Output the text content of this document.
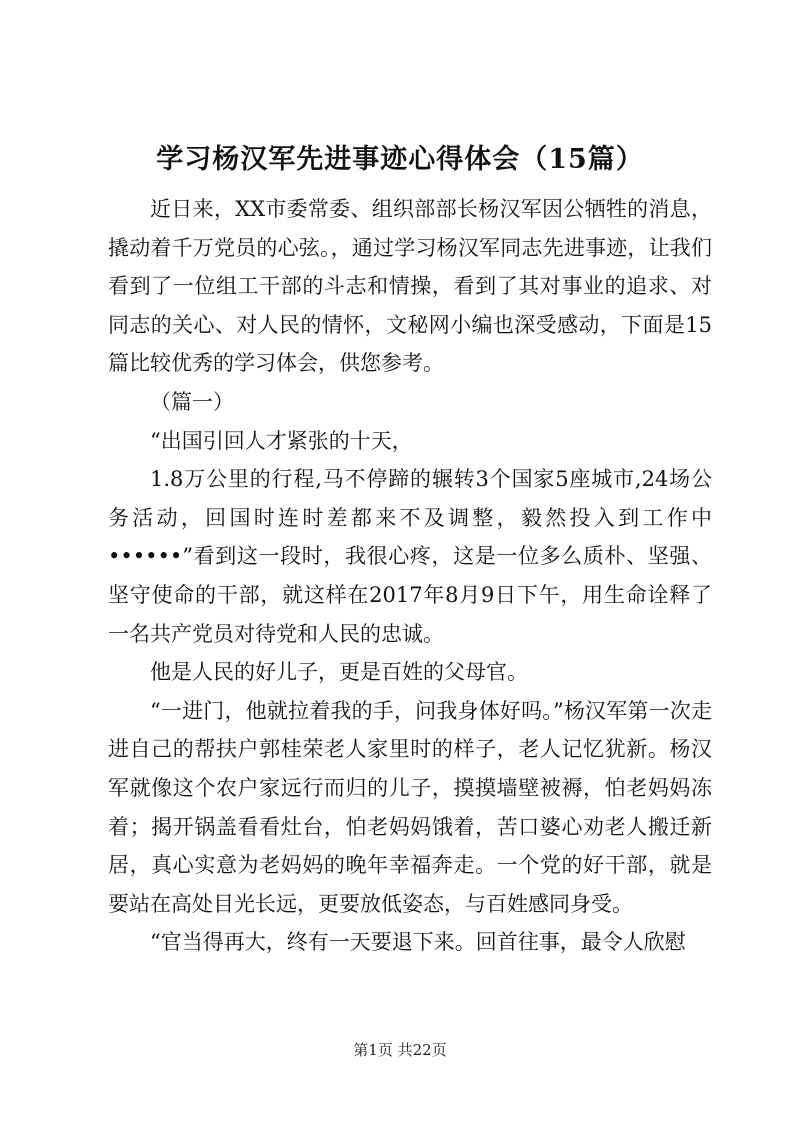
学习杨汉军先进事迹心得体会（15篇）

近日来，XX市委常委、组织部部长杨汉军因公牺牲的消息，撬动着千万党员的心弦。，通过学习杨汉军同志先进事迹，让我们看到了一位组工干部的斗志和情操，看到了其对事业的追求、对同志的关心、对人民的情怀，文秘网小编也深受感动，下面是15篇比较优秀的学习体会，供您参考。

（篇一）

“出国引回人才紧张的十天，

1.8万公里的行程,马不停蹄的辗转3个国家5座城市,24场公务活动，回国时连时差都来不及调整，毅然投入到工作中••••••”看到这一段时，我很心疼，这是一位多么质朴、坚强、坚守使命的干部，就这样在2017年8月9日下午，用生命诠释了一名共产党员对待党和人民的忠诚。

他是人民的好儿子，更是百姓的父母官。

“一进门，他就拉着我的手，问我身体好吗。”杨汉军第一次走进自己的帮扶户郭桂荣老人家里时的样子，老人记忆犹新。杨汉军就像这个农户家远行而归的儿子，摸摸墙壁被褥，怕老妈妈冻着；揭开锅盖看看灶台，怕老妈妈饿着，苦口婆心劝老人搬迁新居，真心实意为老妈妈的晚年幸福奔走。一个党的好干部，就是要站在高处目光长远，更要放低姿态，与百姓感同身受。

“官当得再大，终有一天要退下来。回首往事，最令人欣慰

第1页 共22页
